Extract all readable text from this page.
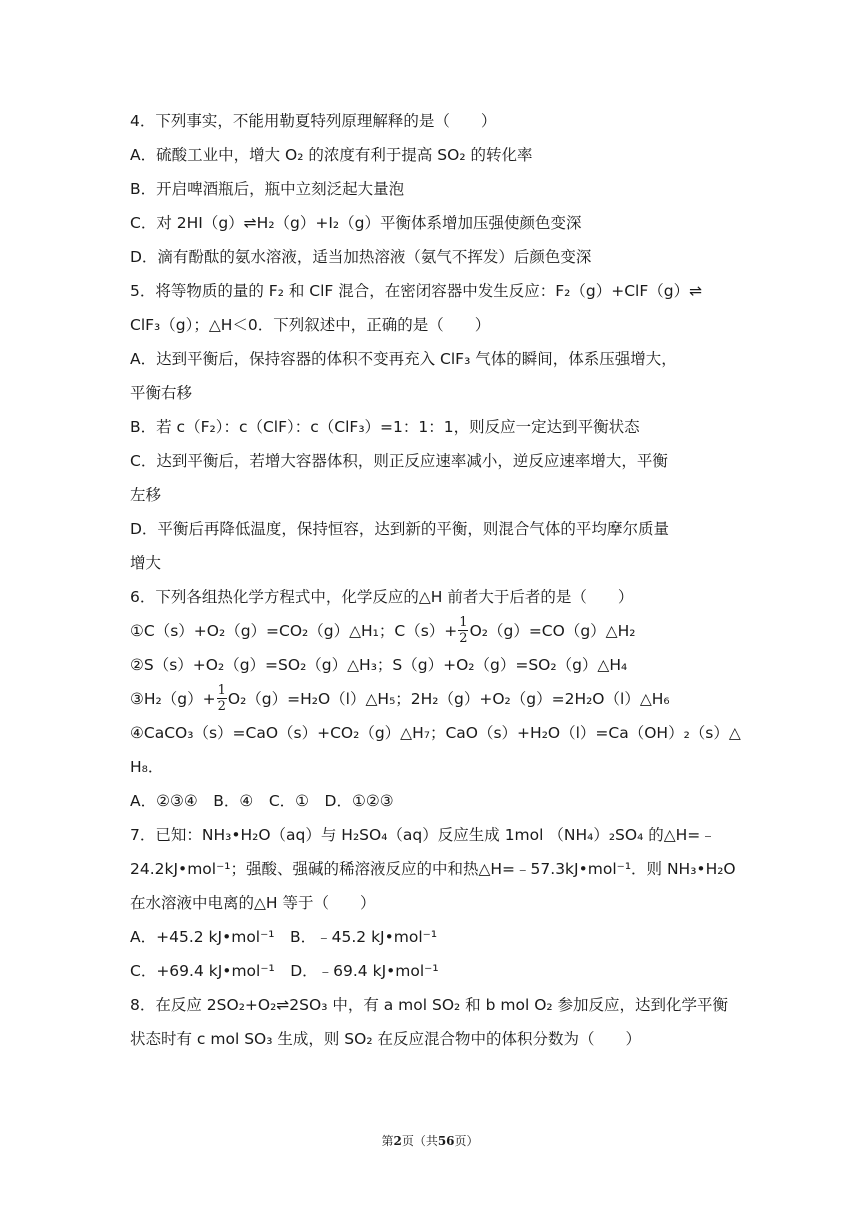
4．下列事实，不能用勒夏特列原理解释的是（　　）
A．硫酸工业中，增大 O₂ 的浓度有利于提高 SO₂ 的转化率
B．开启啤酒瓶后，瓶中立刻泛起大量泡
C．对 2HI（g）⇌H₂（g）+I₂（g）平衡体系增加压强使颜色变深
D．滴有酚酞的氨水溶液，适当加热溶液（氨气不挥发）后颜色变深
5．将等物质的量的 F₂ 和 ClF 混合，在密闭容器中发生反应：F₂（g）+ClF（g）⇌
ClF₃（g）；△H＜0．下列叙述中，正确的是（　　）
A．达到平衡后，保持容器的体积不变再充入 ClF₃ 气体的瞬间，体系压强增大，
平衡右移
B．若 c（F₂）：c（ClF）：c（ClF₃）=1：1：1，则反应一定达到平衡状态
C．达到平衡后，若增大容器体积，则正反应速率减小，逆反应速率增大，平衡
左移
D．平衡后再降低温度，保持恒容，达到新的平衡，则混合气体的平均摩尔质量
增大
6．下列各组热化学方程式中，化学反应的△H 前者大于后者的是（　　）
①C（s）+O₂（g）=CO₂（g）△H₁；$C(s)+ \frac{1}{2}$ O₂（g）=CO（g）△H₂
②S（s）+O₂（g）=SO₂（g）△H₃；S（g）+O₂（g）=SO₂（g）△H₄
③H₂（g）+ $\frac{1}{2}$ O₂（g）=H₂O（l）△H₅；2H₂（g）+O₂（g）=2H₂O（l）△H₆
④CaCO₃（s）=CaO（s）+CO₂（g）△H₇；CaO（s）+H₂O（l）=Ca（OH）₂（s）△
H₈．
A．②③④　B．④　C．①　D．①②③
7．已知：NH₃•H₂O（aq）与 H₂SO₄（aq）反应生成 1mol （NH₄）₂SO₄ 的△H=﹣
24.2kJ•mol⁻¹；强酸、强碱的稀溶液反应的中和热△H=﹣57.3kJ•mol⁻¹．则 NH₃•H₂O
在水溶液中电离的△H 等于（　　）
A．+45.2 kJ•mol⁻¹　B．﹣45.2 kJ•mol⁻¹
C．+69.4 kJ•mol⁻¹　D．﹣69.4 kJ•mol⁻¹
8．在反应 2SO₂+O₂⇌2SO₃ 中，有 a mol SO₂ 和 b mol O₂ 参加反应，达到化学平衡
状态时有 c mol SO₃ 生成，则 SO₂ 在反应混合物中的体积分数为（　　）
第2页（共56页）
